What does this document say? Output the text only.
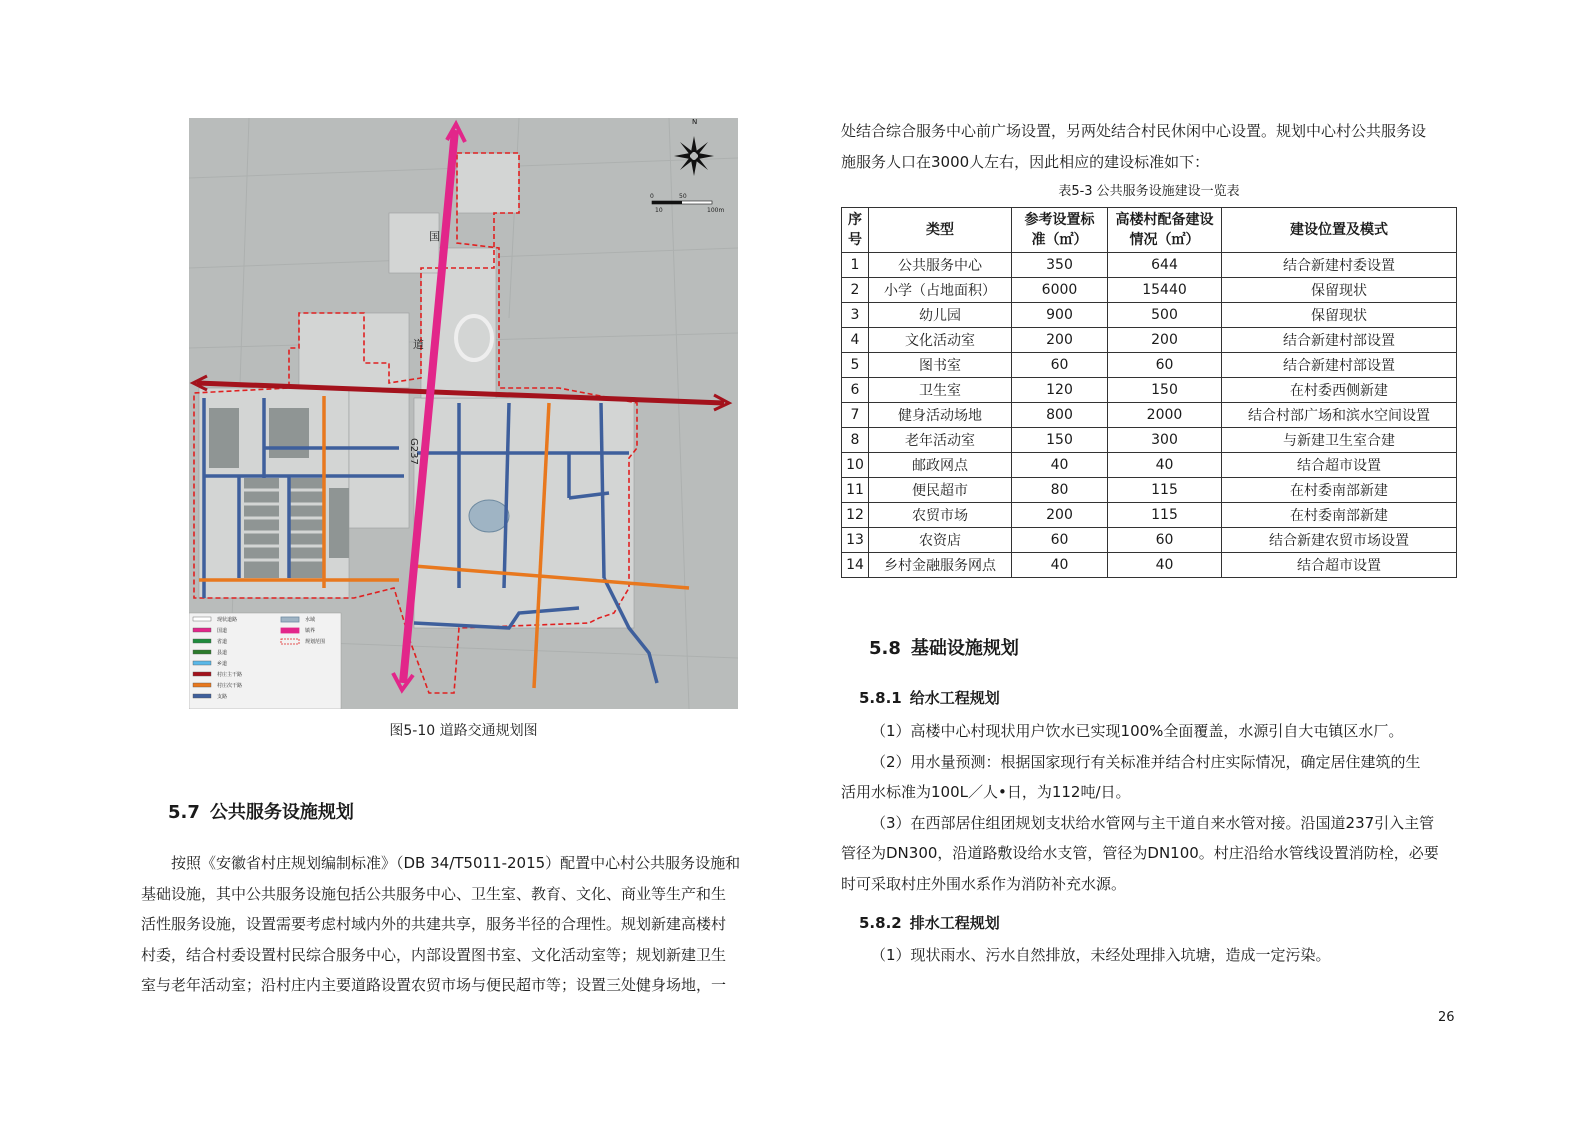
国
道
G237
N
0
10
50
100m
现状道路
国道
省道
县道
乡道
村庄主干路
村庄次干路
支路
水域
镇界
规划范围
图5-10 道路交通规划图
5.7 公共服务设施规划
按照《安徽省村庄规划编制标准》（DB 34/T5011-2015）配置中心村公共服务设施和
基础设施，其中公共服务设施包括公共服务中心、卫生室、教育、文化、商业等生产和生
活性服务设施，设置需要考虑村域内外的共建共享，服务半径的合理性。规划新建高楼村
村委，结合村委设置村民综合服务中心，内部设置图书室、文化活动室等；规划新建卫生
室与老年活动室；沿村庄内主要道路设置农贸市场与便民超市等；设置三处健身场地，一
处结合综合服务中心前广场设置，另两处结合村民休闲中心设置。规划中心村公共服务设
施服务人口在3000人左右，因此相应的建设标准如下：
表5-3 公共服务设施建设一览表
序
号	类型	参考设置标
准（㎡）	高楼村配备建设
情况（㎡）	建设位置及模式
1	公共服务中心	350	644	结合新建村委设置
2	小学（占地面积）	6000	15440	保留现状
3	幼儿园	900	500	保留现状
4	文化活动室	200	200	结合新建村部设置
5	图书室	60	60	结合新建村部设置
6	卫生室	120	150	在村委西侧新建
7	健身活动场地	800	2000	结合村部广场和滨水空间设置
8	老年活动室	150	300	与新建卫生室合建
10	邮政网点	40	40	结合超市设置
11	便民超市	80	115	在村委南部新建
12	农贸市场	200	115	在村委南部新建
13	农资店	60	60	结合新建农贸市场设置
14	乡村金融服务网点	40	40	结合超市设置
5.8 基础设施规划
5.8.1 给水工程规划
（1）高楼中心村现状用户饮水已实现100%全面覆盖，水源引自大屯镇区水厂。
（2）用水量预测：根据国家现行有关标准并结合村庄实际情况，确定居住建筑的生
活用水标准为100L／人•日，为112吨/日。
（3）在西部居住组团规划支状给水管网与主干道自来水管对接。沿国道237引入主管
管径为DN300，沿道路敷设给水支管，管径为DN100。村庄沿给水管线设置消防栓，必要
时可采取村庄外围水系作为消防补充水源。
5.8.2 排水工程规划
（1）现状雨水、污水自然排放，未经处理排入坑塘，造成一定污染。
26
